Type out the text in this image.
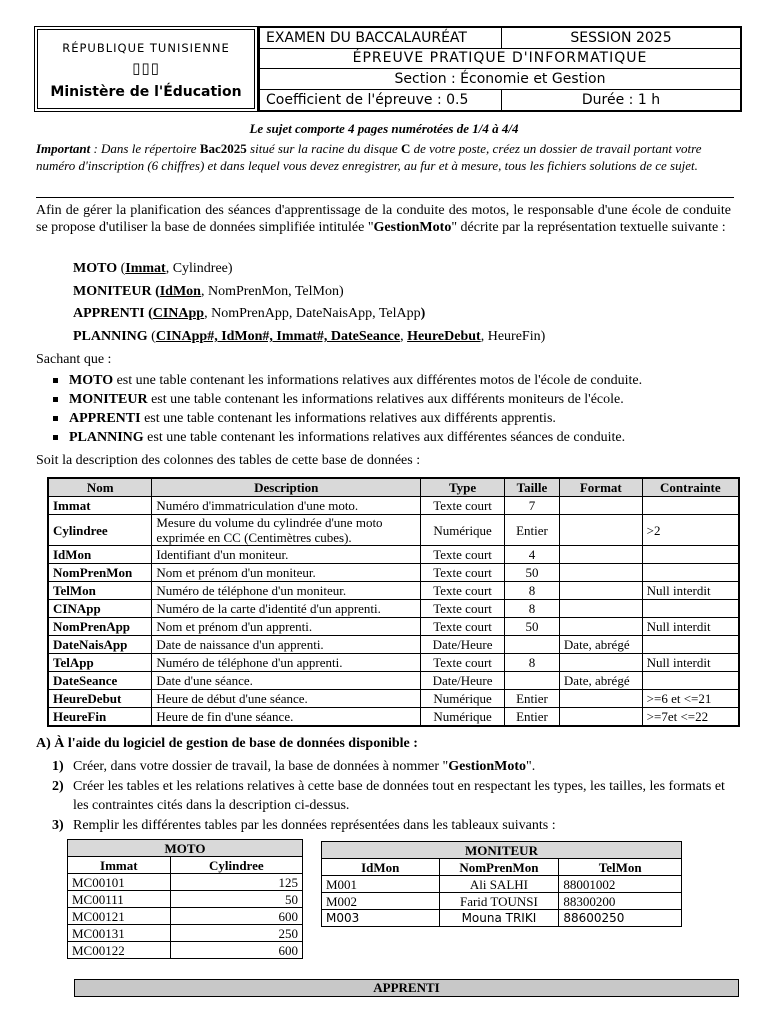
RÉPUBLIQUE TUNISIENNE
▯▯▯
Ministère de l'Éducation
EXAMEN DU BACCALAURÉAT	SESSION 2025
ÉPREUVE PRATIQUE D'INFORMATIQUE
Section : Économie et Gestion
Coefficient de l'épreuve : 0.5	Durée : 1 h
Le sujet comporte 4 pages numérotées de 1/4 à 4/4
Important : Dans le répertoire Bac2025 situé sur la racine du disque C de votre poste, créez un dossier de travail portant votre numéro d'inscription (6 chiffres) et dans lequel vous devez enregistrer, au fur et à mesure, tous les fichiers solutions de ce sujet.
Afin de gérer la planification des séances d'apprentissage de la conduite des motos, le responsable d'une école de conduite se propose d'utiliser la base de données simplifiée intitulée "GestionMoto" décrite par la représentation textuelle suivante :
MOTO (Immat, Cylindree)
MONITEUR (IdMon, NomPrenMon, TelMon)
APPRENTI (CINApp, NomPrenApp, DateNaisApp, TelApp)
PLANNING (CINApp#, IdMon#, Immat#, DateSeance, HeureDebut, HeureFin)
Sachant que :
MOTO est une table contenant les informations relatives aux différentes motos de l'école de conduite.
MONITEUR est une table contenant les informations relatives aux différents moniteurs de l'école.
APPRENTI est une table contenant les informations relatives aux différents apprentis.
PLANNING est une table contenant les informations relatives aux différentes séances de conduite.
Soit la description des colonnes des tables de cette base de données :
Nom	Description	Type	Taille	Format	Contrainte
Immat	Numéro d'immatriculation d'une moto.	Texte court	7		
Cylindree	Mesure du volume du cylindrée d'une moto exprimée en CC (Centimètres cubes).	Numérique	Entier		>2
IdMon	Identifiant d'un moniteur.	Texte court	4		
NomPrenMon	Nom et prénom d'un moniteur.	Texte court	50		
TelMon	Numéro de téléphone d'un moniteur.	Texte court	8		Null interdit
CINApp	Numéro de la carte d'identité d'un apprenti.	Texte court	8		
NomPrenApp	Nom et prénom d'un apprenti.	Texte court	50		Null interdit
DateNaisApp	Date de naissance d'un apprenti.	Date/Heure		Date, abrégé	
TelApp	Numéro de téléphone d'un apprenti.	Texte court	8		Null interdit
DateSeance	Date d'une séance.	Date/Heure		Date, abrégé	
HeureDebut	Heure de début d'une séance.	Numérique	Entier		>=6 et <=21
HeureFin	Heure de fin d'une séance.	Numérique	Entier		>=7et <=22
A) À l'aide du logiciel de gestion de base de données disponible :
1) Créer, dans votre dossier de travail, la base de données à nommer "GestionMoto".
2) Créer les tables et les relations relatives à cette base de données tout en respectant les types, les tailles, les formats et les contraintes cités dans la description ci-dessus.
3) Remplir les différentes tables par les données représentées dans les tableaux suivants :
MOTO	
Immat	Cylindree
MC00101	125
MC00111	50
MC00121	600
MC00131	250
MC00122	600
MONITEUR		
IdMon	NomPrenMon	TelMon
M001	Ali SALHI	88001002
M002	Farid TOUNSI	88300200
M003	Mouna TRIKI	88600250
APPRENTI
